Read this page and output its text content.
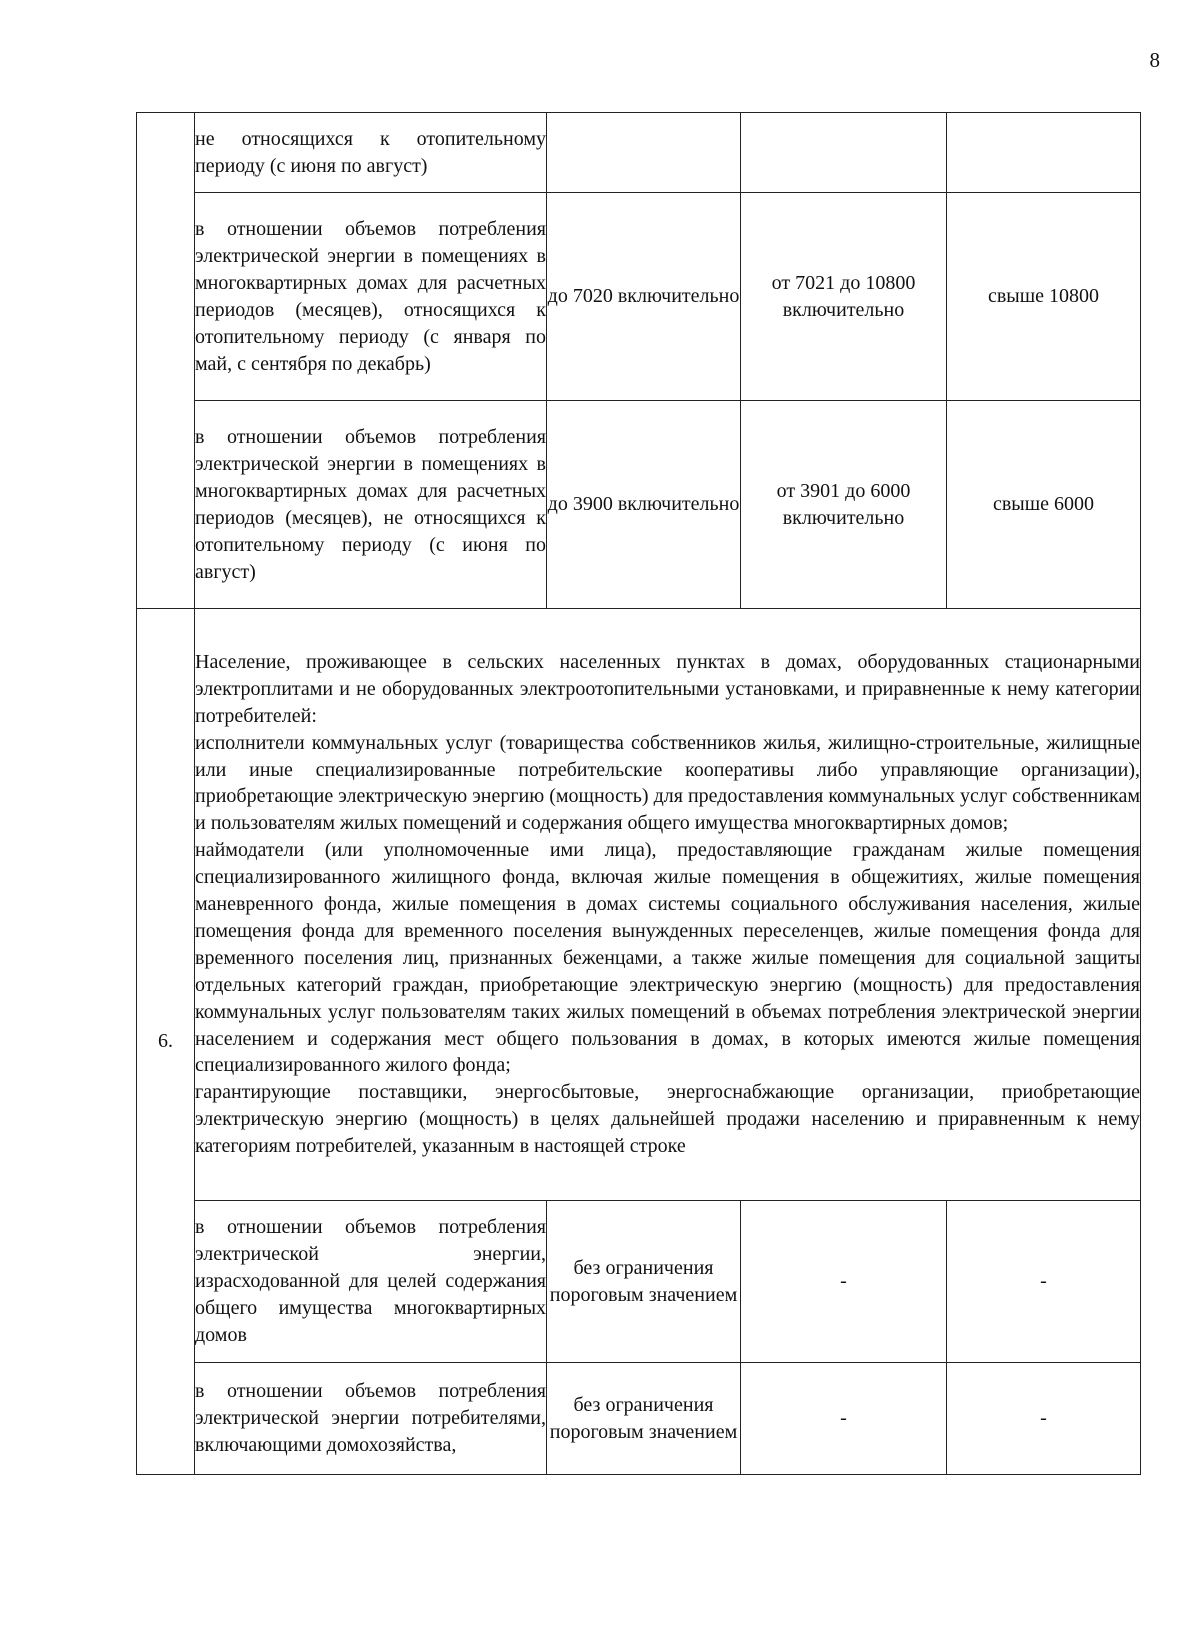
8
	не относящихся к отопительному периоду (с июня по август)			
	в отношении объемов потребления электрической энергии в помещениях в многоквартирных домах для расчетных периодов (месяцев), относящихся к отопительному периоду (с января по май, с сентября по декабрь)	до 7020 включительно	от 7021 до 10800 включительно	свыше 10800
	в отношении объемов потребления электрической энергии в помещениях в многоквартирных домах для расчетных периодов (месяцев), не относящихся к отопительному периоду (с июня по август)	до 3900 включительно	от 3901 до 6000 включительно	свыше 6000
6.	Население, проживающее в сельских населенных пунктах в домах, оборудованных стационарными электроплитами и не оборудованных электроотопительными установками, и приравненные к нему категории потребителей:
исполнители коммунальных услуг (товарищества собственников жилья, жилищно-строительные, жилищные или иные специализированные потребительские кооперативы либо управляющие организации), приобретающие электрическую энергию (мощность) для предоставления коммунальных услуг собственникам и пользователям жилых помещений и содержания общего имущества многоквартирных домов;
наймодатели (или уполномоченные ими лица), предоставляющие гражданам жилые помещения специализированного жилищного фонда, включая жилые помещения в общежитиях, жилые помещения маневренного фонда, жилые помещения в домах системы социального обслуживания населения, жилые помещения фонда для временного поселения вынужденных переселенцев, жилые помещения фонда для временного поселения лиц, признанных беженцами, а также жилые помещения для социальной защиты отдельных категорий граждан, приобретающие электрическую энергию (мощность) для предоставления коммунальных услуг пользователям таких жилых помещений в объемах потребления электрической энергии населением и содержания мест общего пользования в домах, в которых имеются жилые помещения специализированного жилого фонда;
гарантирующие поставщики, энергосбытовые, энергоснабжающие организации, приобретающие электрическую энергию (мощность) в целях дальнейшей продажи населению и приравненным к нему категориям потребителей, указанным в настоящей строке			

	в отношении объемов потребления электрической энергии, израсходованной для целей содержания общего имущества многоквартирных домов	без ограничения пороговым значением	-	-
	в отношении объемов потребления электрической энергии потребителями, включающими домохозяйства,	без ограничения пороговым значением	-	-
